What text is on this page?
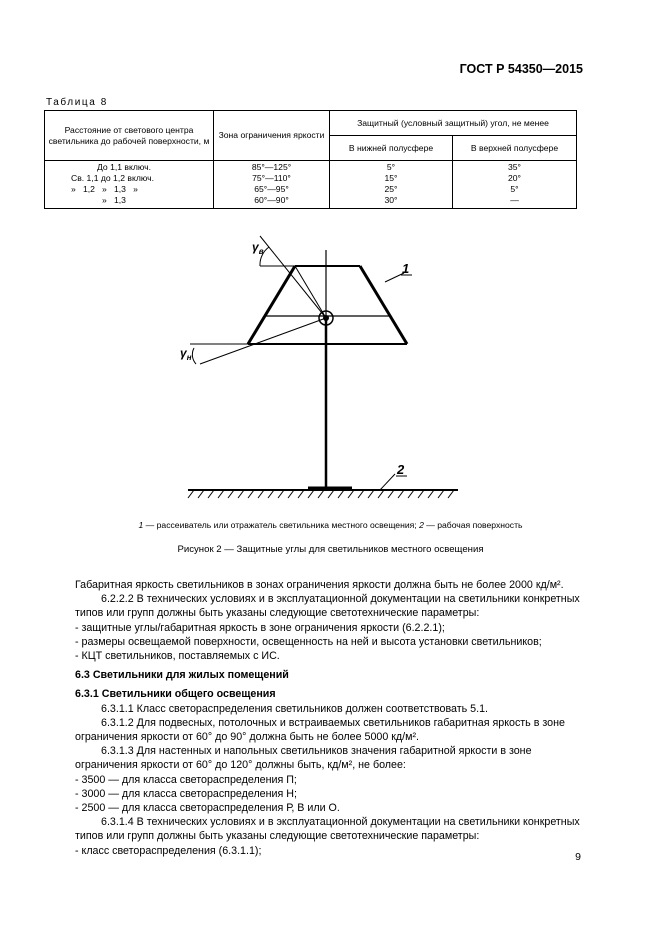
ГОСТ Р 54350—2015
Таблица 8
Расстояние от светового центра светильника до рабочей поверхности, м	Зона ограничения яркости	Защитный (условный защитный) угол, не менее	
		В нижней полусфере	В верхней полусфере
До 1,1 включ.	85°—125°	5°	35°
Св. 1,1 до 1,2 включ.	75°—110°	15°	20°
»   1,2   »   1,3   »	65°—95°	25°	5°
»   1,3	60°—90°	30°	—
1
2
$\gamma_в$
$\gamma_н$
1 — рассеиватель или отражатель светильника местного освещения; 2 — рабочая поверхность
Рисунок 2 — Защитные углы для светильников местного освещения

Габаритная яркость светильников в зонах ограничения яркости должна быть не более 2000 кд/м².

6.2.2.2 В технических условиях и в эксплуатационной документации на светильники конкретных типов или групп должны быть указаны следующие светотехнические параметры:

- защитные углы/габаритная яркость в зоне ограничения яркости (6.2.2.1);

- размеры освещаемой поверхности, освещенность на ней и высота установки светильников;

- КЦТ светильников, поставляемых с ИС.

6.3 Светильники для жилых помещений

6.3.1 Светильники общего освещения

6.3.1.1 Класс светораспределения светильников должен соответствовать 5.1.

6.3.1.2 Для подвесных, потолочных и встраиваемых светильников габаритная яркость в зоне ограничения яркости от 60° до 90° должна быть не более 5000 кд/м².

6.3.1.3 Для настенных и напольных светильников значения габаритной яркости в зоне ограничения яркости от 60° до 120° должны быть, кд/м², не более:

- 3500 — для класса светораспределения П;

- 3000 — для класса светораспределения Н;

- 2500 — для класса светораспределения Р, В или О.

6.3.1.4 В технических условиях и в эксплуатационной документации на светильники конкретных типов или групп должны быть указаны следующие светотехнические параметры:

- класс светораспределения (6.3.1.1);

9
